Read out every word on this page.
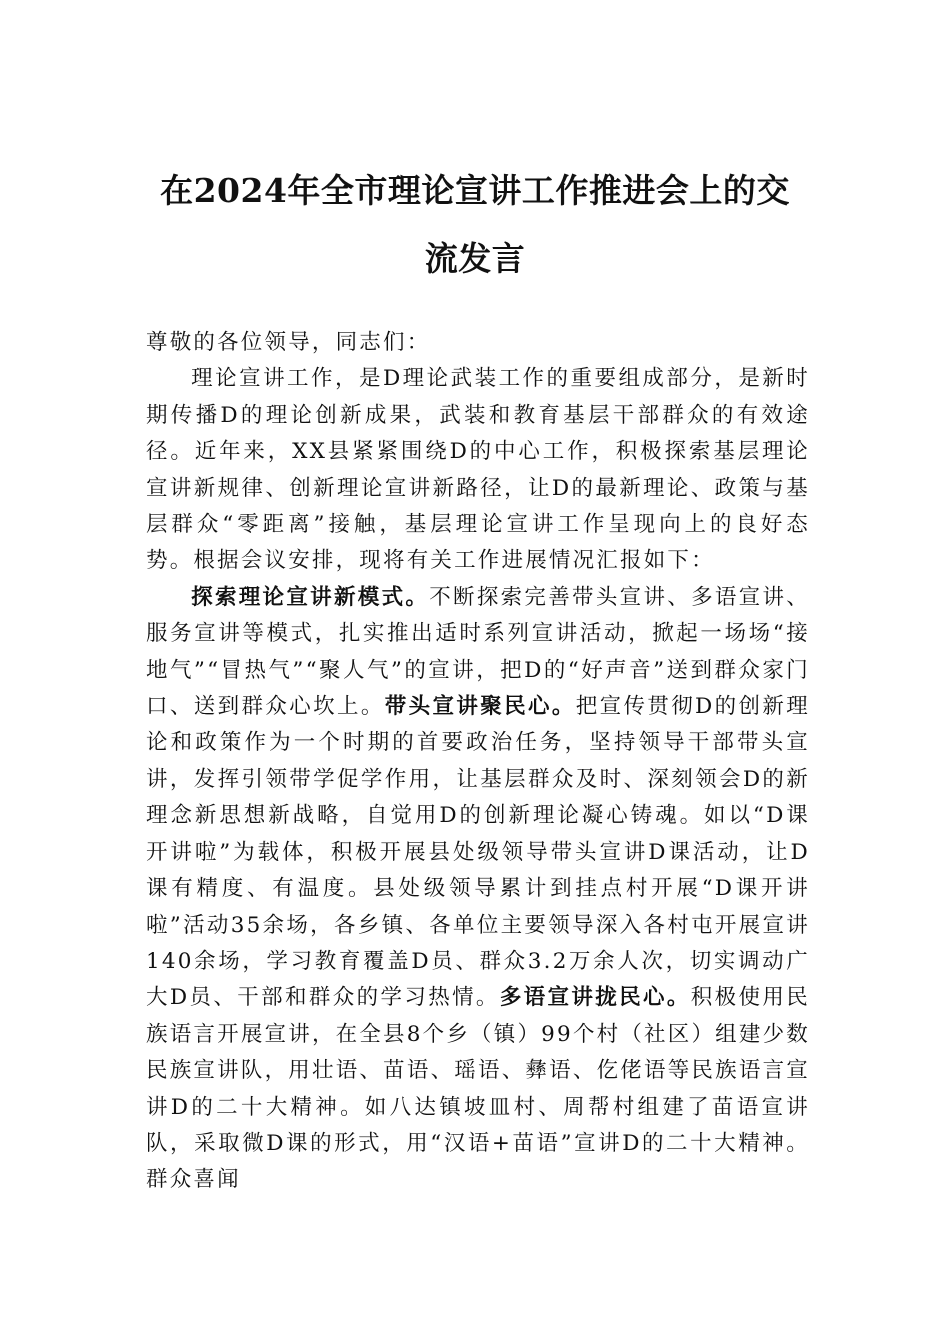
在2024年全市理论宣讲工作推进会上的交
流发言

尊敬的各位领导，同志们：

理论宣讲工作，是D理论武装工作的重要组成部分，是新时期传播D的理论创新成果，武装和教育基层干部群众的有效途径。近年来，XX县紧紧围绕D的中心工作，积极探索基层理论宣讲新规律、创新理论宣讲新路径，让D的最新理论、政策与基层群众“零距离”接触，基层理论宣讲工作呈现向上的良好态势。根据会议安排，现将有关工作进展情况汇报如下：

探索理论宣讲新模式。不断探索完善带头宣讲、多语宣讲、服务宣讲等模式，扎实推出适时系列宣讲活动，掀起一场场“接地气”“冒热气”“聚人气”的宣讲，把D的“好声音”送到群众家门口、送到群众心坎上。带头宣讲聚民心。把宣传贯彻D的创新理论和政策作为一个时期的首要政治任务，坚持领导干部带头宣讲，发挥引领带学促学作用，让基层群众及时、深刻领会D的新理念新思想新战略，自觉用D的创新理论凝心铸魂。如以“D课开讲啦”为载体，积极开展县处级领导带头宣讲D课活动，让D课有精度、有温度。县处级领导累计到挂点村开展“D课开讲啦”活动35余场，各乡镇、各单位主要领导深入各村屯开展宣讲140余场，学习教育覆盖D员、群众3.2万余人次，切实调动广大D员、干部和群众的学习热情。多语宣讲拢民心。积极使用民族语言开展宣讲，在全县8个乡（镇）99个村（社区）组建少数民族宣讲队，用壮语、苗语、瑶语、彝语、仡佬语等民族语言宣讲D的二十大精神。如八达镇坡皿村、周帮村组建了苗语宣讲队，采取微D课的形式，用“汉语+苗语”宣讲D的二十大精神。群众喜闻
